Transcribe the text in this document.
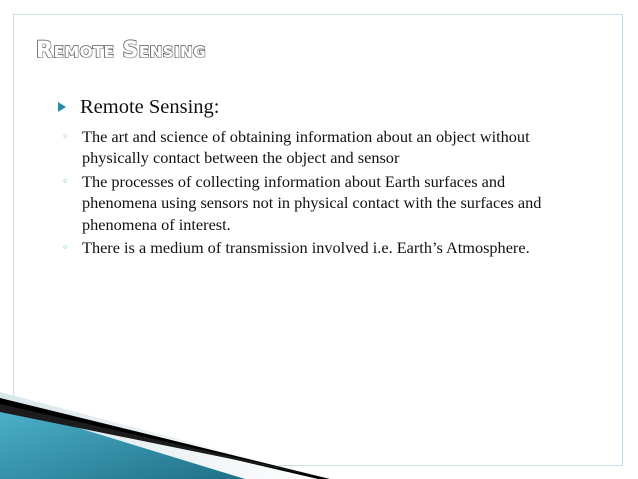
Remote Sensing

Remote Sensing:

◦ The art and science of obtaining information about an object without physically contact between the object and sensor
◦ The processes of collecting information about Earth surfaces and phenomena using sensors not in physical contact with the surfaces and phenomena of interest.
◦ There is a medium of transmission involved i.e. Earth’s Atmosphere.
